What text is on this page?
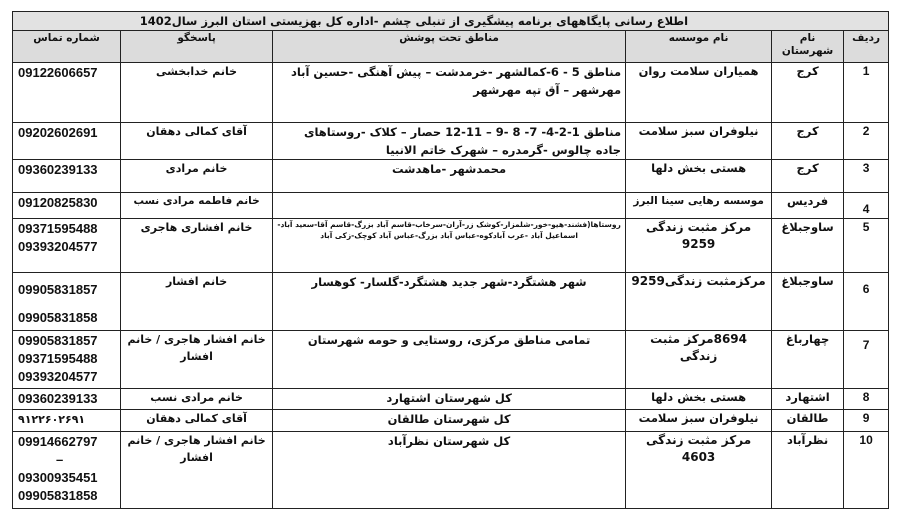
اطلاع رسانی پایگاههای برنامه پیشگیری از تنبلی چشم -اداره کل بهزیستی استان البرز سال1402					
ردیف	نام شهرستان	نام موسسه	مناطق تحت پوشش	پاسخگو	شماره تماس
1	کرج	همیاران سلامت روان	مناطق 5 - 6-کمالشهر -خرمدشت – پیش آهنگی -حسین آباد مهرشهر – آق تپه مهرشهر	خانم خدابخشی	09122606657

2	کرج	نیلوفران سبز سلامت	مناطق 1-2-4- 7- 8 -9 – 11-12 حصار – کلاک -روستاهای جاده چالوس -گرمدره – شهرک خاتم الانبیا	آقای کمالی دهقان	09202602691

3	کرج	هستی بخش دلها	محمدشهر -ماهدشت	خانم مرادی	09360239133

4	فردیس	موسسه رهایی سینا البرز		خانم فاطمه مرادی نسب	09120825830

5	ساوجبلاغ	مرکز مثبت زندگی 9259	روستاها(فشند-هیو-خور-شلمزار-کوشک زر-آران-سرخاب-قاسم آباد بزرگ-قاسم آقا-سعید آباد- اسماعیل آباد -عرب آبادکوه-عباس آباد بزرگ-عباس آباد کوچک-زکی آباد	خانم افشاری هاجری	09371595488
09393204577

6	ساوجبلاغ	مرکزمثبت زندگی9259	شهر هشتگرد-شهر جدید هشتگرد-گلسار- کوهسار	خانم افشار	09905831857
09905831858

7	چهارباغ	8694مرکز مثبت زندگی	تمامی مناطق مرکزی، روستایی و حومه شهرستان	خانم افشار هاجری / خانم افشار	09905831857
09371595488
09393204577

8	اشتهارد	هستی بخش دلها	کل شهرستان اشتهارد	خانم مرادی نسب	09360239133

9	طالقان	نیلوفران سبز سلامت	کل شهرستان طالقان	آقای کمالی دهقان	۹۱۲۲۶۰۲۶۹۱

10	نظرآباد	مرکز مثبت زندگی 4603	کل شهرستان نظرآباد	خانم افشار هاجری / خانم افشار	09914662797
–
09300935451
09905831858
